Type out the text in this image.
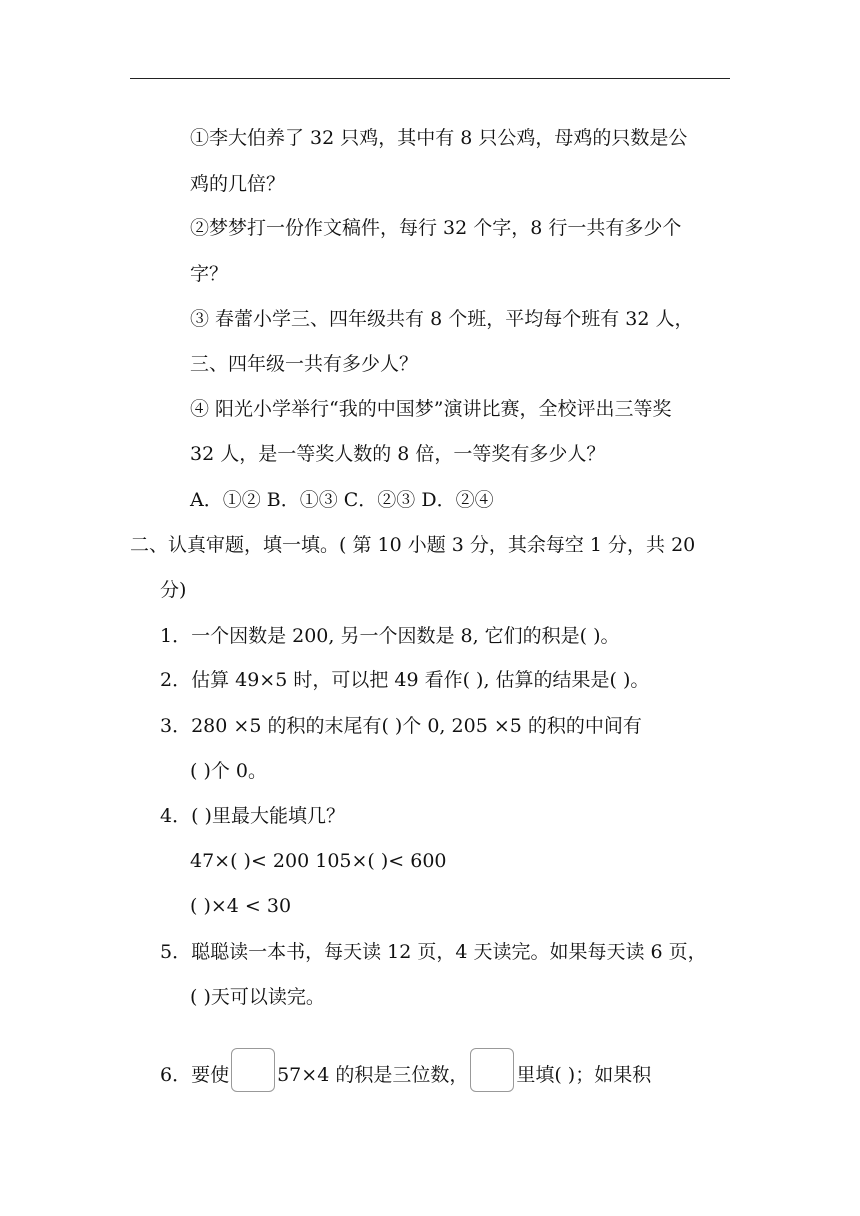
①李大伯养了 32 只鸡，其中有 8 只公鸡，母鸡的只数是公
鸡的几倍？
②梦梦打一份作文稿件，每行 32 个字，8 行一共有多少个
字？
③ 春蕾小学三、四年级共有 8 个班，平均每个班有 32 人，
三、四年级一共有多少人？
④ 阳光小学举行“我的中国梦”演讲比赛，全校评出三等奖
32 人，是一等奖人数的 8 倍，一等奖有多少人？
A．①② B．①③ C．②③ D．②④
二、认真审题，填一填。( 第 10 小题 3 分，其余每空 1 分，共 20
分)
1．一个因数是 200, 另一个因数是 8, 它们的积是( )。
2．估算 49×5 时，可以把 49 看作( ), 估算的结果是( )。
3．280 ×5 的积的末尾有( )个 0, 205 ×5 的积的中间有
( )个 0。
4．( )里最大能填几？
47×( )< 200 105×( )< 600
( )×4 < 30
5．聪聪读一本书，每天读 12 页，4 天读完。如果每天读 6 页，
( )天可以读完。
6．要使	57×4 的积是三位数，	里填( )；如果积
